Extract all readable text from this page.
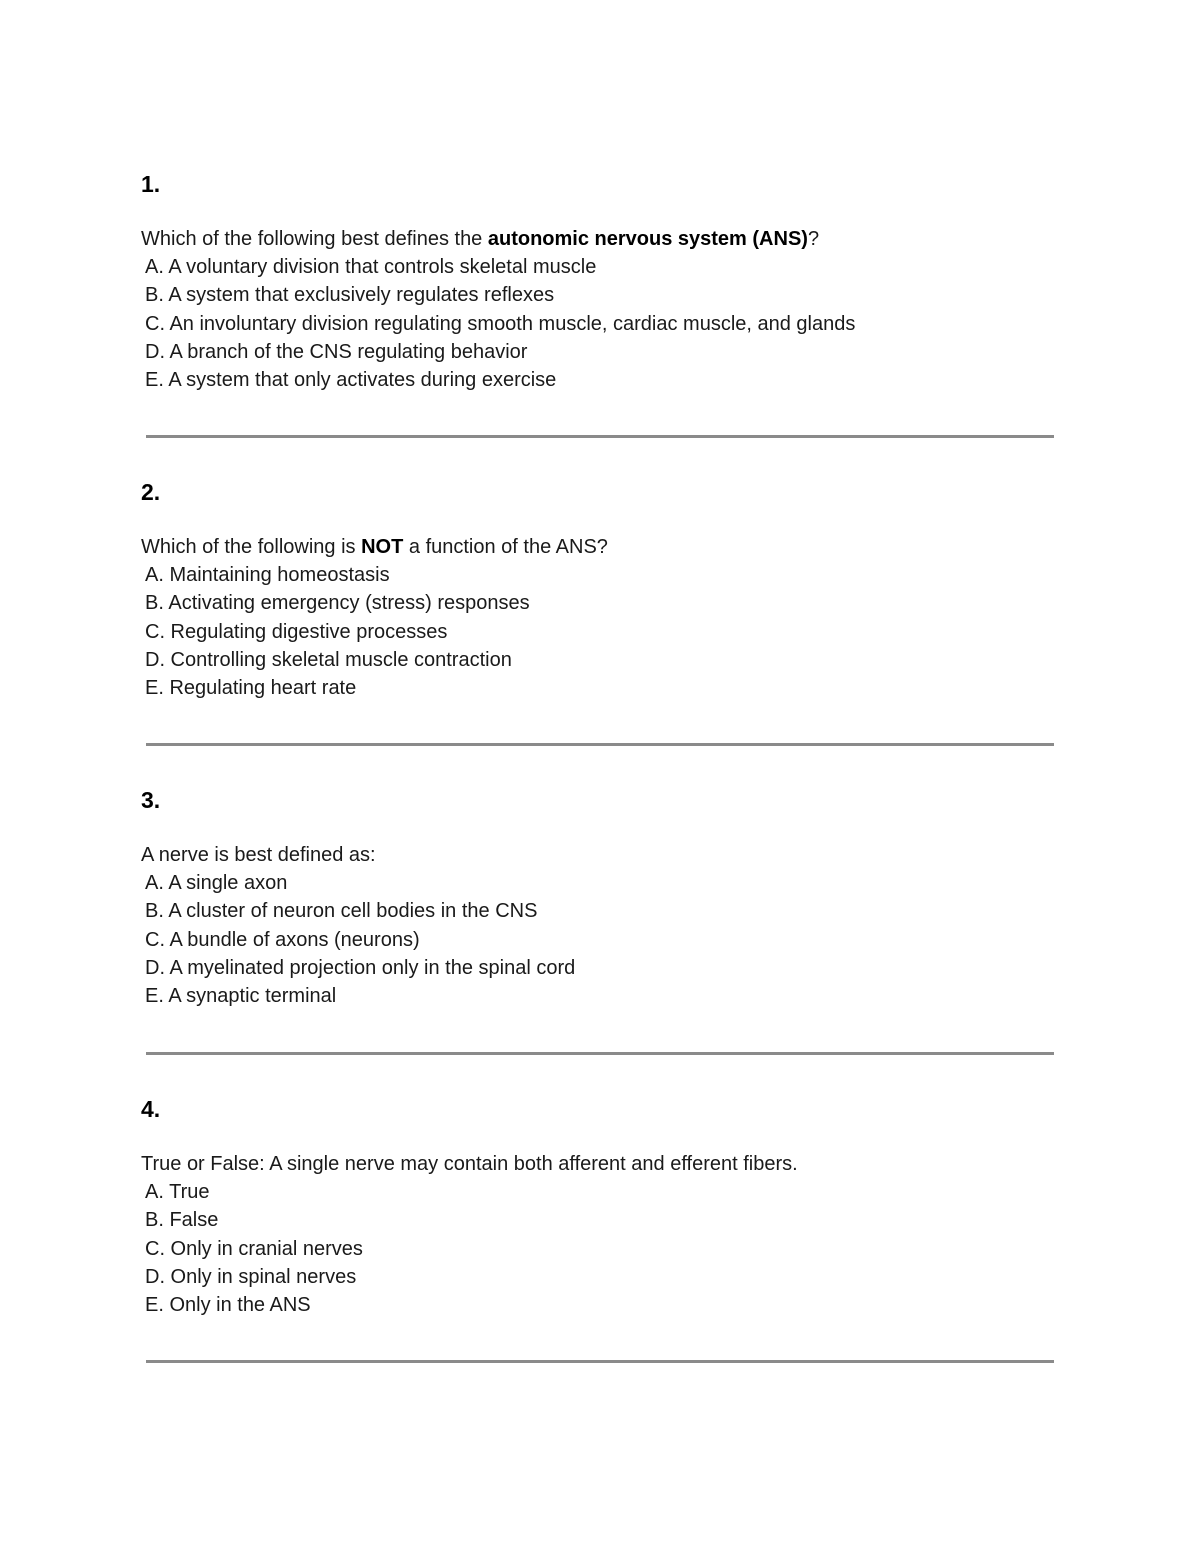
1.
Which of the following best defines the autonomic nervous system (ANS)?
A. A voluntary division that controls skeletal muscle
B. A system that exclusively regulates reflexes
C. An involuntary division regulating smooth muscle, cardiac muscle, and glands
D. A branch of the CNS regulating behavior
E. A system that only activates during exercise
2.
Which of the following is NOT a function of the ANS?
A. Maintaining homeostasis
B. Activating emergency (stress) responses
C. Regulating digestive processes
D. Controlling skeletal muscle contraction
E. Regulating heart rate
3.
A nerve is best defined as:
A. A single axon
B. A cluster of neuron cell bodies in the CNS
C. A bundle of axons (neurons)
D. A myelinated projection only in the spinal cord
E. A synaptic terminal
4.
True or False: A single nerve may contain both afferent and efferent fibers.
A. True
B. False
C. Only in cranial nerves
D. Only in spinal nerves
E. Only in the ANS
